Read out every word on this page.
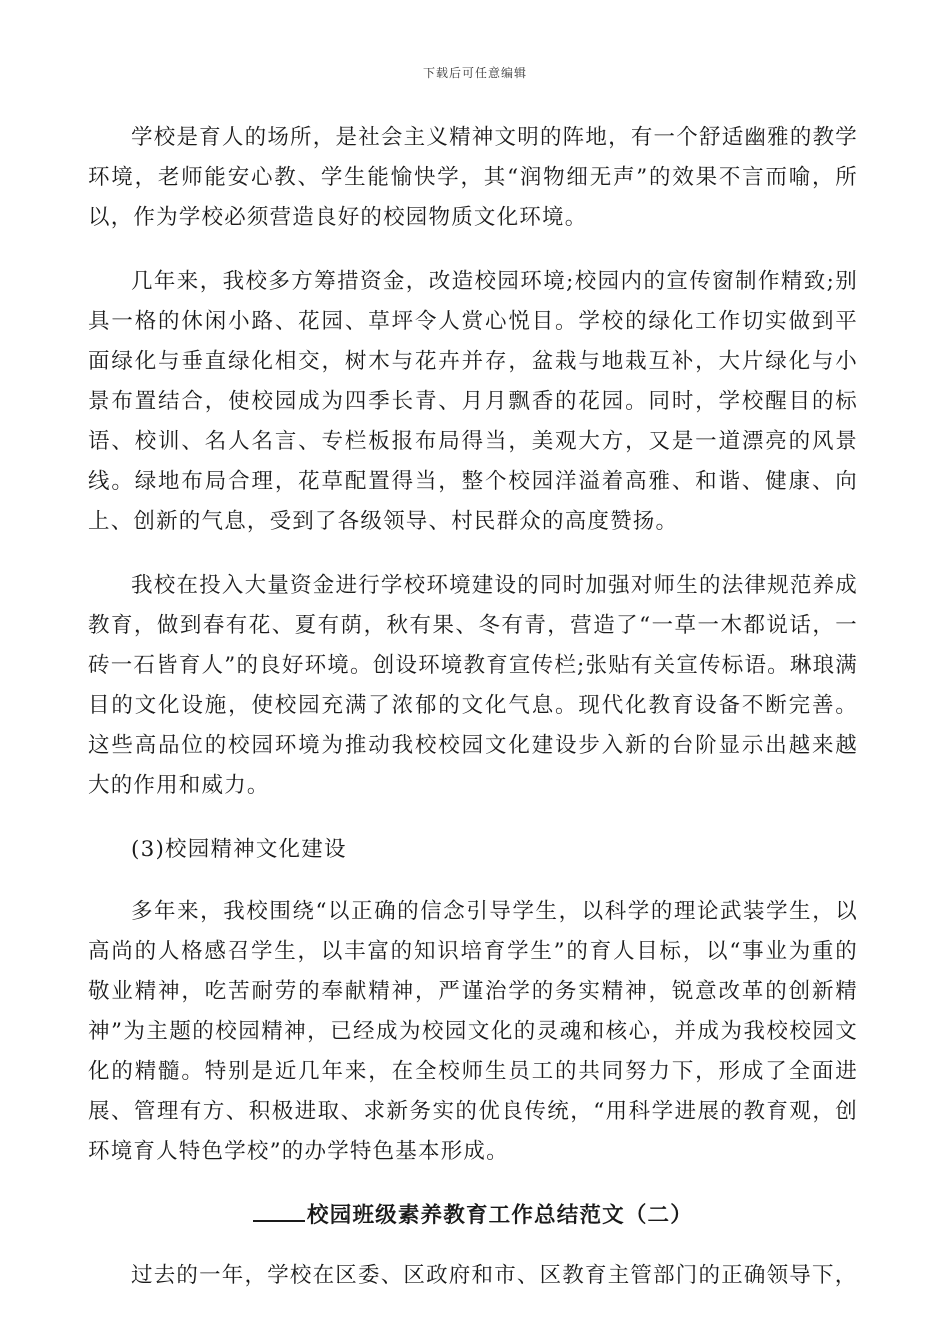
下载后可任意编辑

学校是育人的场所，是社会主义精神文明的阵地，有一个舒适幽雅的教学环境，老师能安心教、学生能愉快学，其“润物细无声”的效果不言而喻，所以，作为学校必须营造良好的校园物质文化环境。

几年来，我校多方筹措资金，改造校园环境;校园内的宣传窗制作精致;别具一格的休闲小路、花园、草坪令人赏心悦目。学校的绿化工作切实做到平面绿化与垂直绿化相交，树木与花卉并存，盆栽与地栽互补，大片绿化与小景布置结合，使校园成为四季长青、月月飘香的花园。同时，学校醒目的标语、校训、名人名言、专栏板报布局得当，美观大方，又是一道漂亮的风景线。绿地布局合理，花草配置得当，整个校园洋溢着高雅、和谐、健康、向上、创新的气息，受到了各级领导、村民群众的高度赞扬。

我校在投入大量资金进行学校环境建设的同时加强对师生的法律规范养成教育，做到春有花、夏有荫，秋有果、冬有青，营造了“一草一木都说话，一砖一石皆育人”的良好环境。创设环境教育宣传栏;张贴有关宣传标语。琳琅满目的文化设施，使校园充满了浓郁的文化气息。现代化教育设备不断完善。这些高品位的校园环境为推动我校校园文化建设步入新的台阶显示出越来越大的作用和威力。

(3)校园精神文化建设

多年来，我校围绕“以正确的信念引导学生，以科学的理论武装学生，以高尚的人格感召学生，以丰富的知识培育学生”的育人目标，以“事业为重的敬业精神，吃苦耐劳的奉献精神，严谨治学的务实精神，锐意改革的创新精神”为主题的校园精神，已经成为校园文化的灵魂和核心，并成为我校校园文化的精髓。特别是近几年来，在全校师生员工的共同努力下，形成了全面进展、管理有方、积极进取、求新务实的优良传统，“用科学进展的教育观，创环境育人特色学校”的办学特色基本形成。

校园班级素养教育工作总结范文（二）

过去的一年，学校在区委、区政府和市、区教育主管部门的正确领导下，
